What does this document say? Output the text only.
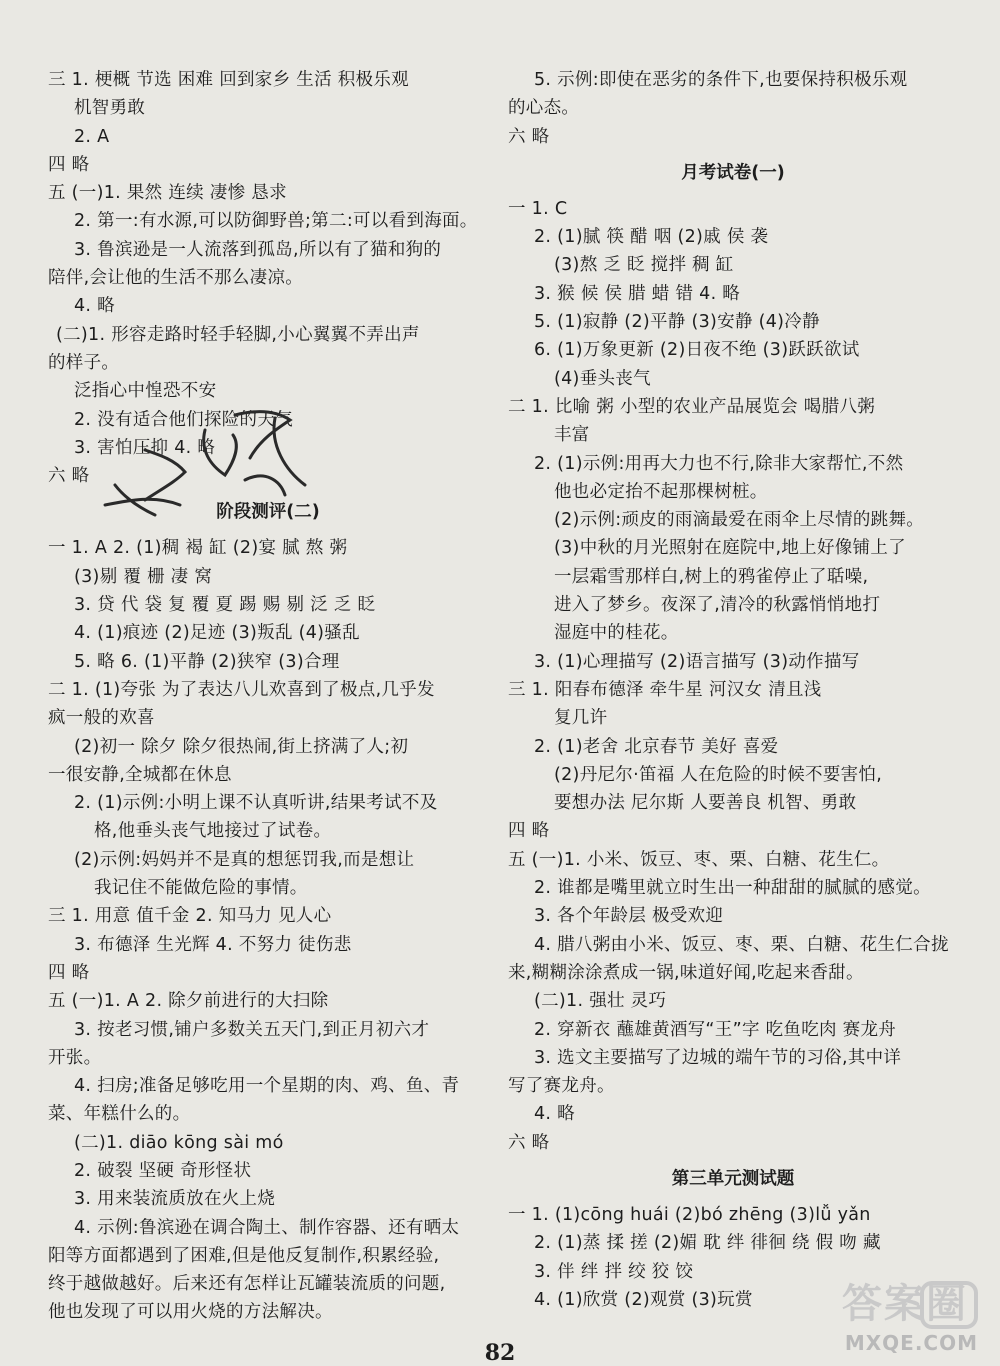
三 1. 梗概 节选 困难 回到家乡 生活 积极乐观
机智勇敢
2. A
四 略
五 (一)1. 果然 连续 凄惨 恳求
2. 第一:有水源,可以防御野兽;第二:可以看到海面。
3. 鲁滨逊是一人流落到孤岛,所以有了猫和狗的
陪伴,会让他的生活不那么凄凉。
4. 略
(二)1. 形容走路时轻手轻脚,小心翼翼不弄出声
的样子。
泛指心中惶恐不安
2. 没有适合他们探险的天气
3. 害怕压抑 4. 略
六 略
阶段测评(二)
一 1. A 2. (1)稠 褐 缸 (2)宴 腻 熬 粥
(3)剔 覆 栅 凄 窝
3. 贷 代 袋 复 覆 夏 踢 赐 剔 泛 乏 眨
4. (1)痕迹 (2)足迹 (3)叛乱 (4)骚乱
5. 略 6. (1)平静 (2)狭窄 (3)合理
二 1. (1)夸张 为了表达八儿欢喜到了极点,几乎发
疯一般的欢喜
(2)初一 除夕 除夕很热闹,街上挤满了人;初
一很安静,全城都在休息
2. (1)示例:小明上课不认真听讲,结果考试不及
格,他垂头丧气地接过了试卷。
(2)示例:妈妈并不是真的想惩罚我,而是想让
我记住不能做危险的事情。
三 1. 用意 值千金 2. 知马力 见人心
3. 布德泽 生光辉 4. 不努力 徒伤悲
四 略
五 (一)1. A 2. 除夕前进行的大扫除
3. 按老习惯,铺户多数关五天门,到正月初六才
开张。
4. 扫房;准备足够吃用一个星期的肉、鸡、鱼、青
菜、年糕什么的。
(二)1. diāo kōng sài mó
2. 破裂 坚硬 奇形怪状
3. 用来装流质放在火上烧
4. 示例:鲁滨逊在调合陶土、制作容器、还有晒太
阳等方面都遇到了困难,但是他反复制作,积累经验,
终于越做越好。后来还有怎样让瓦罐装流质的问题,
他也发现了可以用火烧的方法解决。
5. 示例:即使在恶劣的条件下,也要保持积极乐观
的心态。
六 略
月考试卷(一)
一 1. C
2. (1)腻 筷 醋 咽 (2)戚 侯 袭
(3)熬 乏 眨 搅拌 稠 缸
3. 猴 候 侯 腊 蜡 错 4. 略
5. (1)寂静 (2)平静 (3)安静 (4)冷静
6. (1)万象更新 (2)日夜不绝 (3)跃跃欲试
(4)垂头丧气
二 1. 比喻 粥 小型的农业产品展览会 喝腊八粥
丰富
2. (1)示例:用再大力也不行,除非大家帮忙,不然
他也必定抬不起那棵树桩。
(2)示例:顽皮的雨滴最爱在雨伞上尽情的跳舞。
(3)中秋的月光照射在庭院中,地上好像铺上了
一层霜雪那样白,树上的鸦雀停止了聒噪,
进入了梦乡。夜深了,清冷的秋露悄悄地打
湿庭中的桂花。
3. (1)心理描写 (2)语言描写 (3)动作描写
三 1. 阳春布德泽 牵牛星 河汉女 清且浅
复几许
2. (1)老舍 北京春节 美好 喜爱
(2)丹尼尔·笛福 人在危险的时候不要害怕,
要想办法 尼尔斯 人要善良 机智、勇敢
四 略
五 (一)1. 小米、饭豆、枣、栗、白糖、花生仁。
2. 谁都是嘴里就立时生出一种甜甜的腻腻的感觉。
3. 各个年龄层 极受欢迎
4. 腊八粥由小米、饭豆、枣、栗、白糖、花生仁合拢
来,糊糊涂涂煮成一锅,味道好闻,吃起来香甜。
(二)1. 强壮 灵巧
2. 穿新衣 蘸雄黄酒写“王”字 吃鱼吃肉 赛龙舟
3. 选文主要描写了边城的端午节的习俗,其中详
写了赛龙舟。
4. 略
六 略
第三单元测试题
一 1. (1)cōng huái (2)bó zhēng (3)lǚ yǎn
2. (1)蒸 揉 搓 (2)媚 耽 绊 徘徊 绕 假 吻 藏
3. 伴 绊 拌 绞 狡 饺
4. (1)欣赏 (2)观赏 (3)玩赏
82
答案圈
MXQE.COM
